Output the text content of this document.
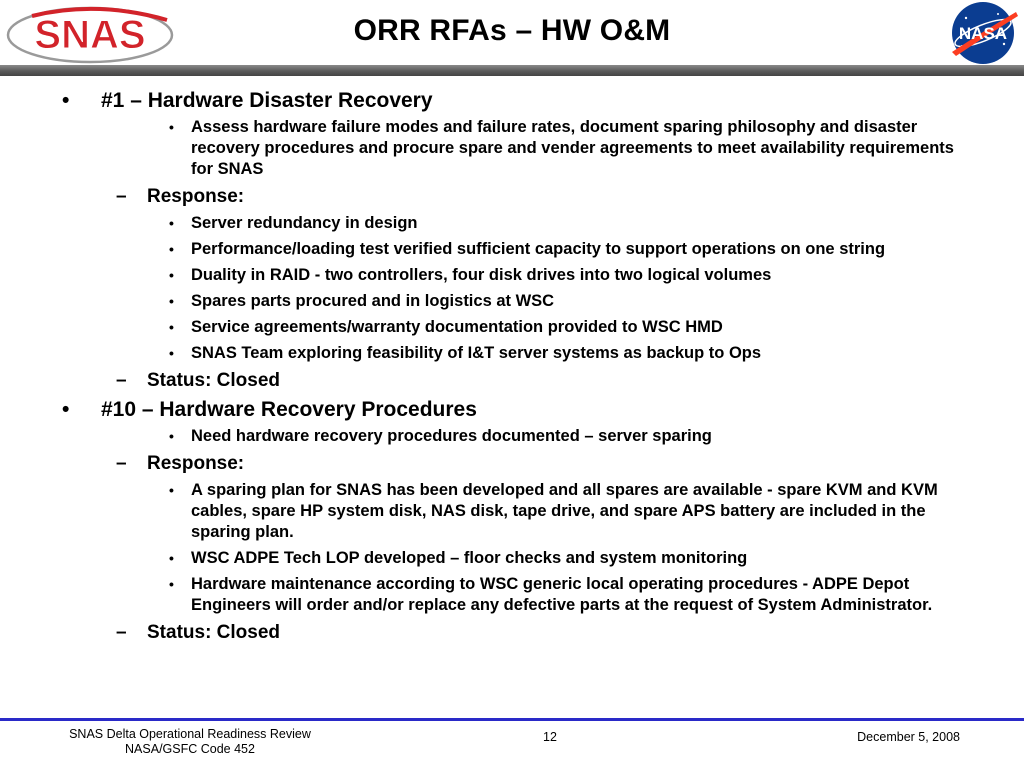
SNAS	ORR RFAs – HW O&M	NASA
• #1 – Hardware Disaster Recovery
• Assess hardware failure modes and failure rates, document sparing philosophy and disaster recovery procedures and procure spare and vender agreements to meet availability requirements for SNAS
– Response:
• Server redundancy in design
• Performance/loading test verified sufficient capacity to support operations on one string
• Duality in RAID - two controllers, four disk drives into two logical volumes
• Spares parts procured and in logistics at WSC
• Service agreements/warranty documentation provided to WSC HMD
• SNAS Team exploring feasibility of I&T server systems as backup to Ops
– Status: Closed
• #10 – Hardware Recovery Procedures
• Need hardware recovery procedures documented – server sparing
– Response:
• A sparing plan for SNAS has been developed and all spares are available - spare KVM and KVM cables, spare HP system disk, NAS disk, tape drive, and spare APS battery are included in the sparing plan.
• WSC ADPE Tech LOP developed – floor checks and system monitoring
• Hardware maintenance according to WSC generic local operating procedures - ADPE Depot Engineers will order and/or replace any defective parts at the request of System Administrator.
– Status: Closed
SNAS Delta Operational Readiness Review
NASA/GSFC Code 452
12	December 5, 2008
